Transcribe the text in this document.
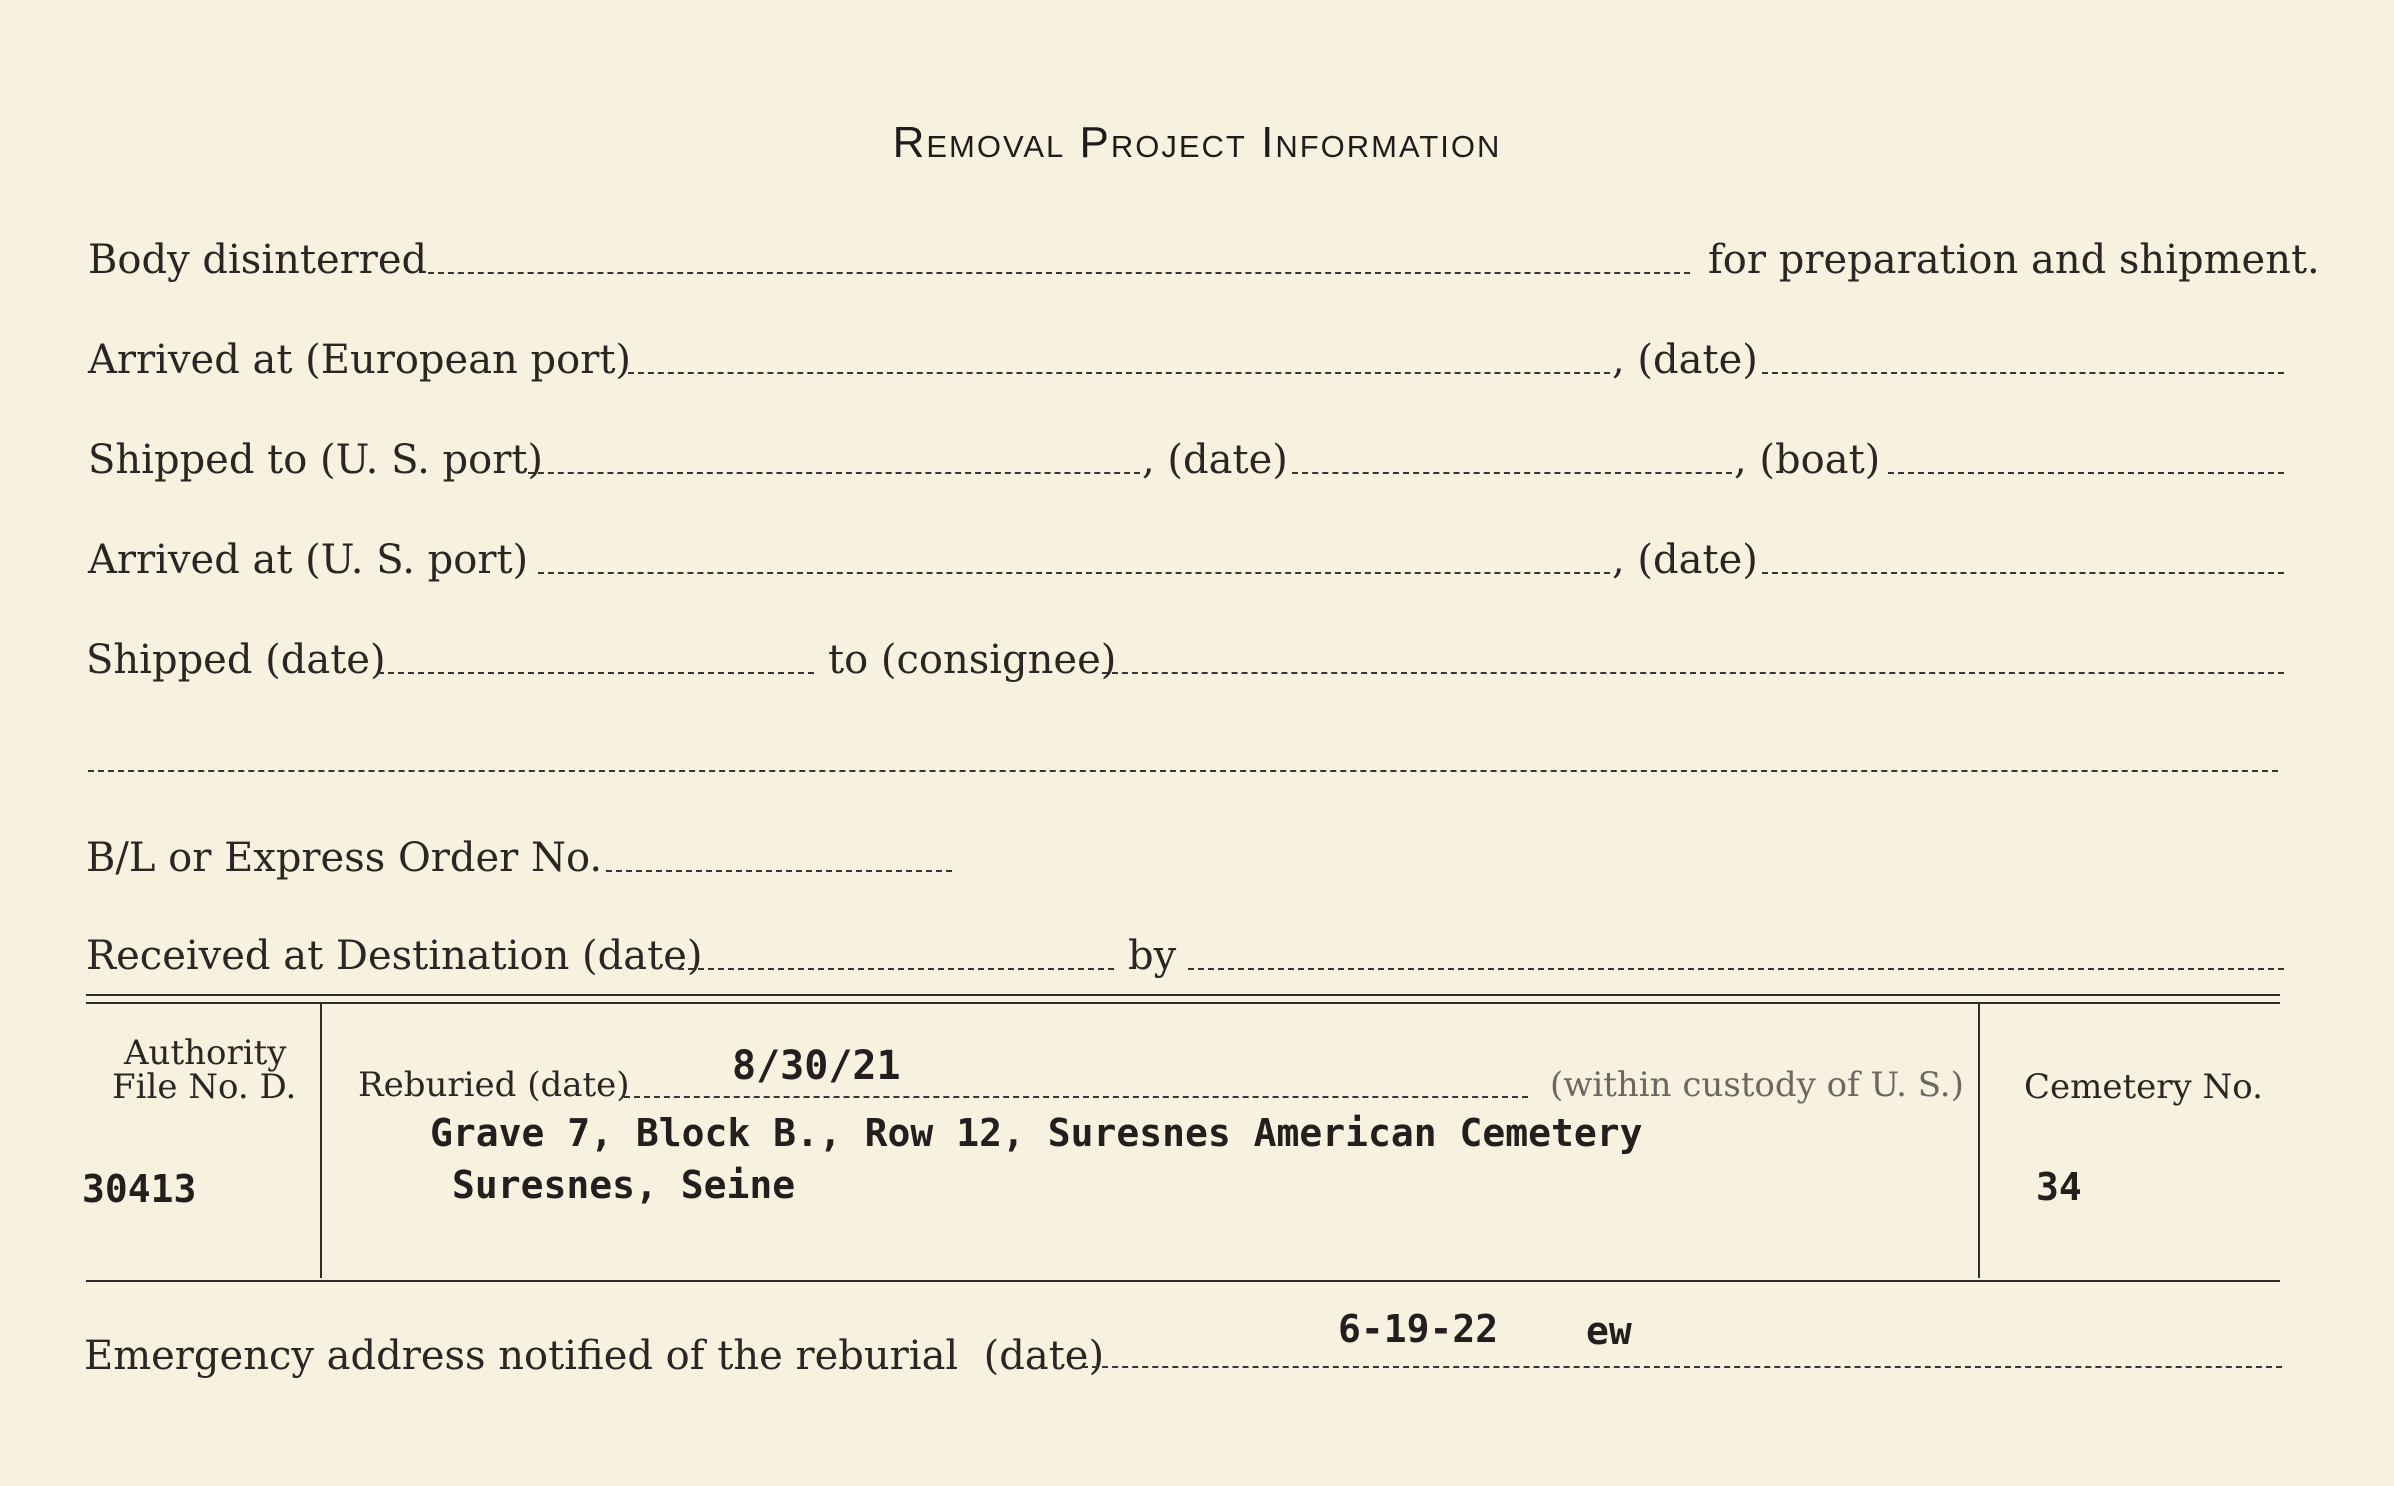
Removal Project Information
Body disinterred	for preparation and shipment.
Arrived at (European port)	, (date)
Shipped to (U. S. port)	, (date)	, (boat)
Arrived at (U. S. port)	, (date)
Shipped (date)	to (consignee)
B/L or Express Order No.
Received at Destination (date)	by
Authority
File No. D.
30413
Reburied (date)	8/30/21	(within custody of U. S.)
Grave 7, Block B., Row 12, Suresnes American Cemetery
Suresnes, Seine
Cemetery No.
34
Emergency address notified of the reburial  (date)
6-19-22 ew
